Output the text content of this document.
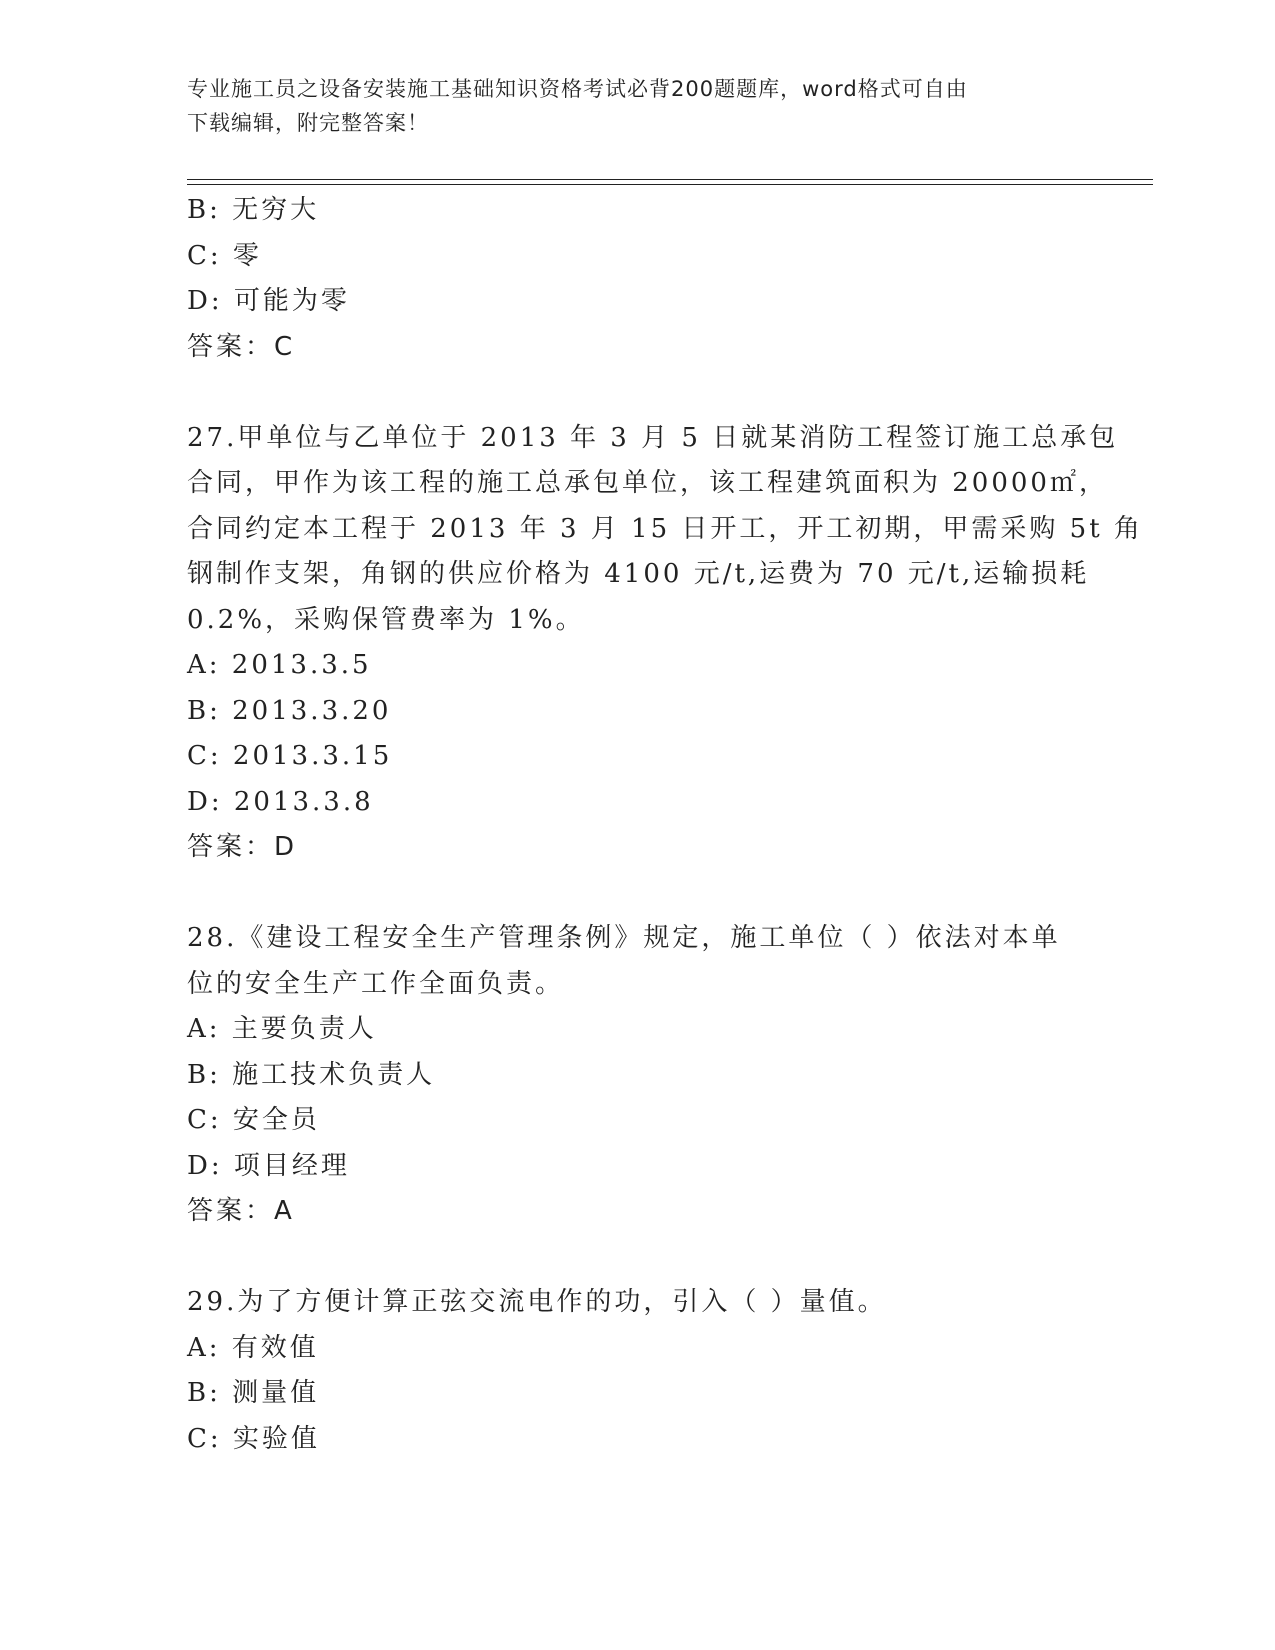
专业施工员之设备安装施工基础知识资格考试必背200题题库，word格式可自由
下载编辑，附完整答案！
B: 无穷大
C: 零
D: 可能为零
答案：C
27.甲单位与乙单位于 2013 年 3 月 5 日就某消防工程签订施工总承包
合同，甲作为该工程的施工总承包单位，该工程建筑面积为 20000㎡，
合同约定本工程于 2013 年 3 月 15 日开工，开工初期，甲需采购 5t 角
钢制作支架，角钢的供应价格为 4100 元/t,运费为 70 元/t,运输损耗
0.2%，采购保管费率为 1%。
A: 2013.3.5
B: 2013.3.20
C: 2013.3.15
D: 2013.3.8
答案：D
28.《建设工程安全生产管理条例》规定，施工单位（ ）依法对本单
位的安全生产工作全面负责。
A: 主要负责人
B: 施工技术负责人
C: 安全员
D: 项目经理
答案：A
29.为了方便计算正弦交流电作的功，引入（ ）量值。
A: 有效值
B: 测量值
C: 实验值
